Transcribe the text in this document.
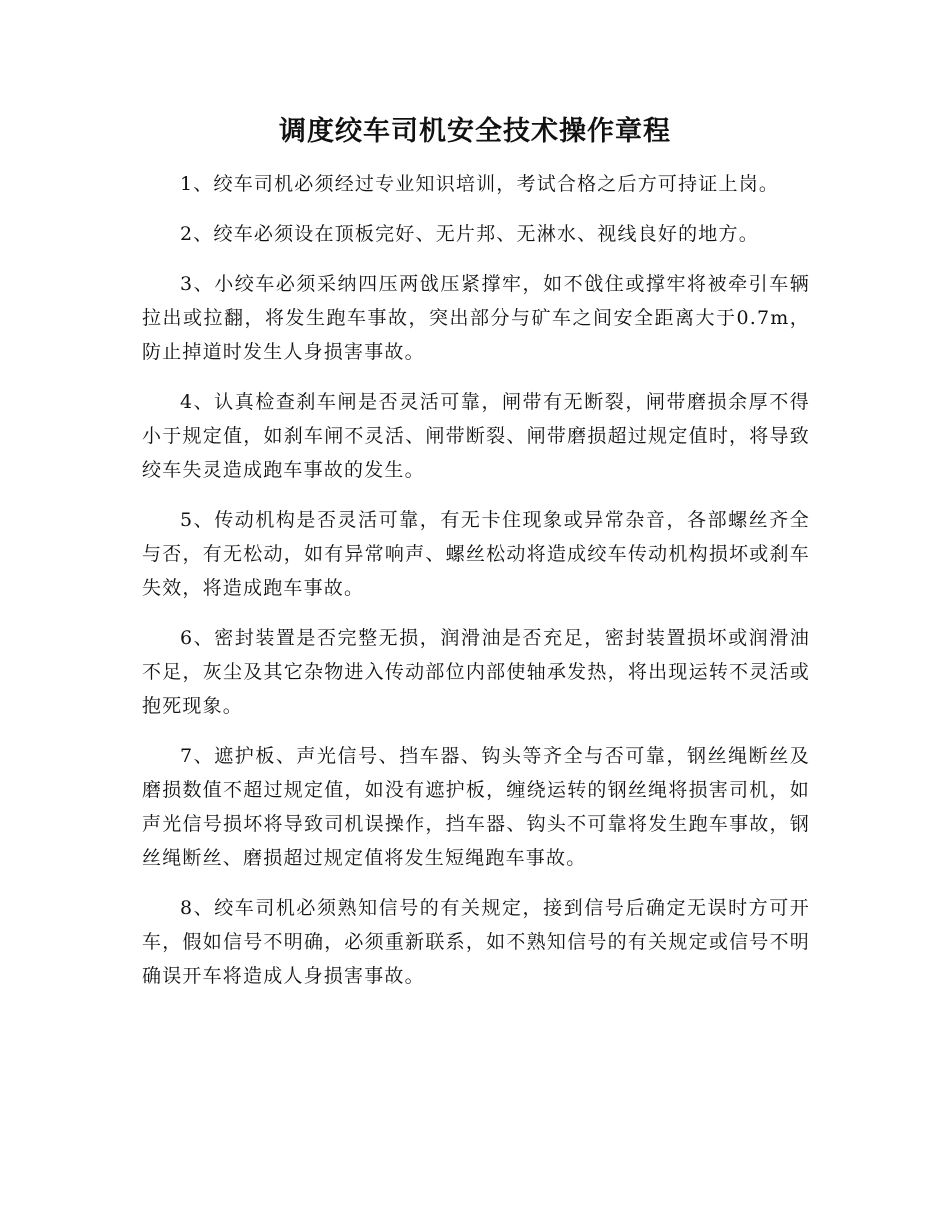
调度绞车司机安全技术操作章程

1、绞车司机必须经过专业知识培训，考试合格之后方可持证上岗。

2、绞车必须设在顶板完好、无片邦、无淋水、视线良好的地方。

3、小绞车必须采纳四压两戗压紧撑牢，如不戗住或撑牢将被牵引车辆拉出或拉翻，将发生跑车事故，突出部分与矿车之间安全距离大于0.7m，防止掉道时发生人身损害事故。

4、认真检查刹车闸是否灵活可靠，闸带有无断裂，闸带磨损余厚不得小于规定值，如刹车闸不灵活、闸带断裂、闸带磨损超过规定值时，将导致绞车失灵造成跑车事故的发生。

5、传动机构是否灵活可靠，有无卡住现象或异常杂音，各部螺丝齐全与否，有无松动，如有异常响声、螺丝松动将造成绞车传动机构损坏或刹车失效，将造成跑车事故。

6、密封装置是否完整无损，润滑油是否充足，密封装置损坏或润滑油不足，灰尘及其它杂物进入传动部位内部使轴承发热，将出现运转不灵活或抱死现象。

7、遮护板、声光信号、挡车器、钩头等齐全与否可靠，钢丝绳断丝及磨损数值不超过规定值，如没有遮护板，缠绕运转的钢丝绳将损害司机，如声光信号损坏将导致司机误操作，挡车器、钩头不可靠将发生跑车事故，钢丝绳断丝、磨损超过规定值将发生短绳跑车事故。

8、绞车司机必须熟知信号的有关规定，接到信号后确定无误时方可开车，假如信号不明确，必须重新联系，如不熟知信号的有关规定或信号不明确误开车将造成人身损害事故。
